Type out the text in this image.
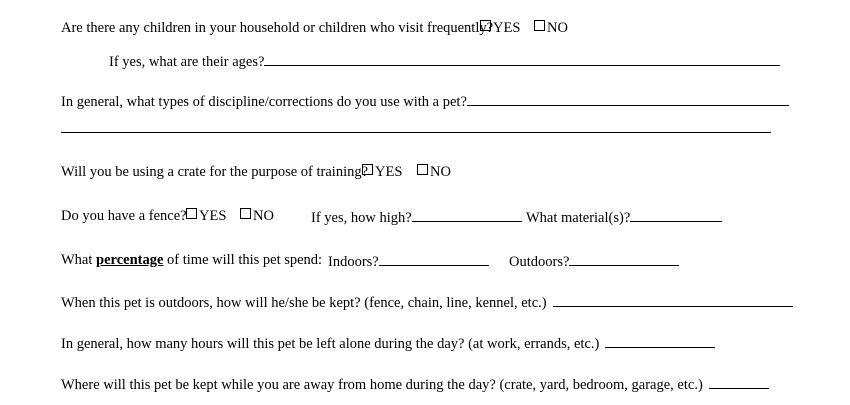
Are there any children in your household or children who visit frequently? YES	NO
If yes, what are their ages?
In general, what types of discipline/corrections do you use with a pet?
Will you be using a crate for the purpose of training? YES	NO
Do you have a fence? YES	NO	If yes, how high?	What material(s)?
What percentage of time will this pet spend: Indoors?	Outdoors?
When this pet is outdoors, how will he/she be kept? (fence, chain, line, kennel, etc.)
In general, how many hours will this pet be left alone during the day? (at work, errands, etc.)
Where will this pet be kept while you are away from home during the day? (crate, yard, bedroom, garage, etc.)
